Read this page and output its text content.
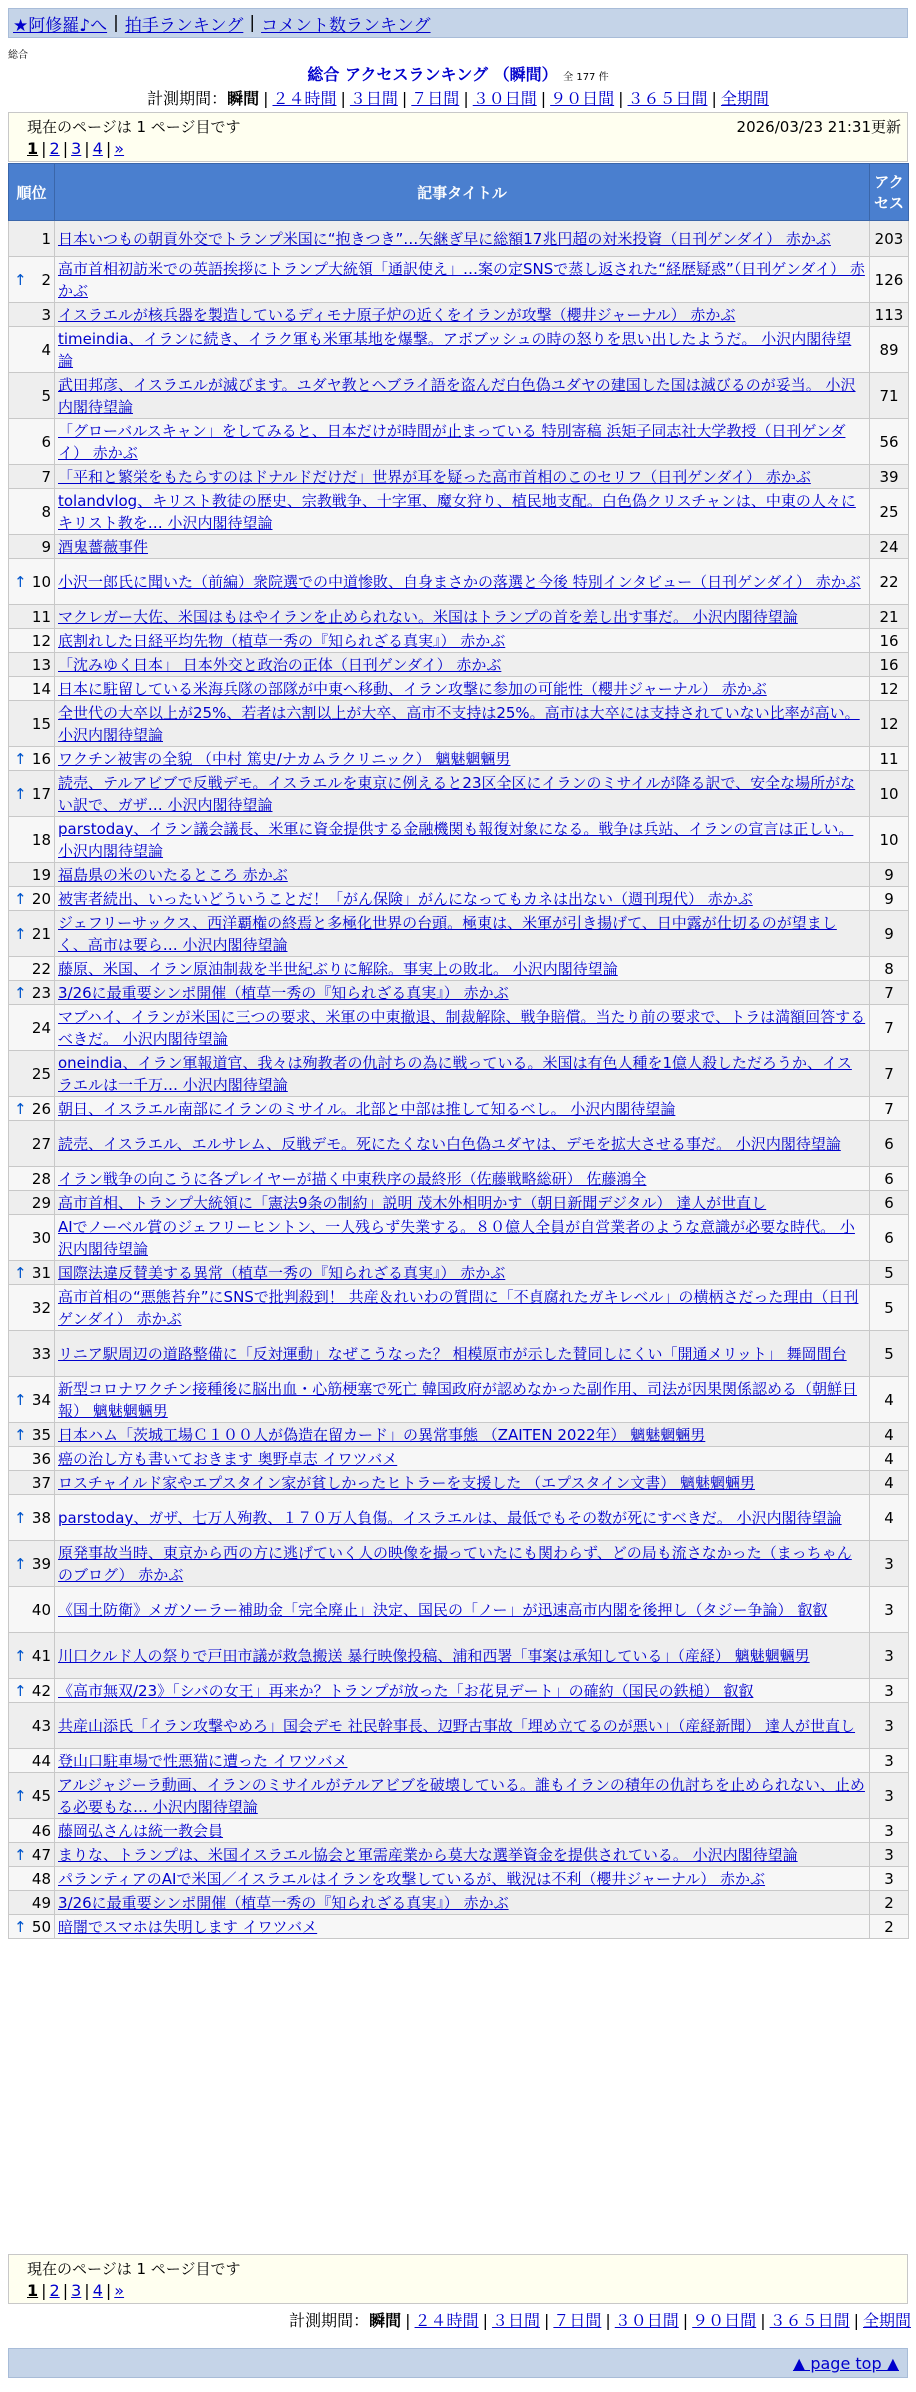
★阿修羅♪へ | 拍手ランキング | コメント数ランキング
総合
総合 アクセスランキング （瞬間） 全 177 件
計測期間：瞬間 | ２４時間 | ３日間 | ７日間 | ３０日間 | ９０日間 | ３６５日間 | 全期間
現在のページは 1 ページ目です	2026/03/23 21:31更新
1 | 2 | 3 | 4 | »
順位	記事タイトル	アクセス
1	日本いつもの朝貢外交でトランプ米国に“抱きつき”…矢継ぎ早に総額17兆円超の対米投資（日刊ゲンダイ） 赤かぶ	203

↑ 2	高市首相初訪米での英語挨拶にトランプ大統領「通訳使え」…案の定SNSで蒸し返された“経歴疑惑”（日刊ゲンダイ） 赤かぶ	126
3	イスラエルが核兵器を製造しているディモナ原子炉の近くをイランが攻撃（櫻井ジャーナル） 赤かぶ	113
4	timeindia、イランに続き、イラク軍も米軍基地を爆撃。アボブッシュの時の怒りを思い出したようだ。 小沢内閣待望論	89
5	武田邦彦、イスラエルが滅びます。ユダヤ教とヘブライ語を盗んだ白色偽ユダヤの建国した国は滅びるのが妥当。 小沢内閣待望論	71
6	「グローバルスキャン」をしてみると、日本だけが時間が止まっている 特別寄稿 浜矩子同志社大学教授（日刊ゲンダイ） 赤かぶ	56
7	「平和と繁栄をもたらすのはドナルドだけだ」世界が耳を疑った高市首相のこのセリフ（日刊ゲンダイ） 赤かぶ	39
8	tolandvlog、キリスト教徒の歴史、宗教戦争、十字軍、魔女狩り、植民地支配。白色偽クリスチャンは、中東の人々にキリスト教を… 小沢内閣待望論	25
9	酒鬼薔薇事件	24

↑ 10	小沢一郎氏に聞いた（前編）衆院選での中道惨敗、自身まさかの落選と今後 特別インタビュー（日刊ゲンダイ） 赤かぶ	22
11	マクレガー大佐、米国はもはやイランを止められない。米国はトランプの首を差し出す事だ。 小沢内閣待望論	21
12	底割れした日経平均先物（植草一秀の『知られざる真実』） 赤かぶ	16
13	「沈みゆく日本」 日本外交と政治の正体（日刊ゲンダイ） 赤かぶ	16
14	日本に駐留している米海兵隊の部隊が中東へ移動、イラン攻撃に参加の可能性（櫻井ジャーナル） 赤かぶ	12
15	全世代の大卒以上が25%、若者は六割以上が大卒、高市不支持は25%。高市は大卒には支持されていない比率が高い。 小沢内閣待望論	12

↑ 16	ワクチン被害の全貌 （中村 篤史/ナカムラクリニック） 魑魅魍魎男	11

↑ 17	読売、テルアビブで反戦デモ。イスラエルを東京に例えると23区全区にイランのミサイルが降る訳で、安全な場所がない訳で、ガザ… 小沢内閣待望論	10
18	parstoday、イラン議会議長、米軍に資金提供する金融機関も報復対象になる。戦争は兵站、イランの宣言は正しい。 小沢内閣待望論	10
19	福島県の米のいたるところ 赤かぶ	9

↑ 20	被害者続出、いったいどういうことだ！「がん保険」がんになってもカネは出ない（週刊現代） 赤かぶ	9

↑ 21	ジェフリーサックス、西洋覇権の終焉と多極化世界の台頭。極東は、米軍が引き揚げて、日中露が仕切るのが望ましく、高市は要ら… 小沢内閣待望論	9
22	藤原、米国、イラン原油制裁を半世紀ぶりに解除。事実上の敗北。 小沢内閣待望論	8

↑ 23	3/26に最重要シンポ開催（植草一秀の『知られざる真実』） 赤かぶ	7
24	マブハイ、イランが米国に三つの要求、米軍の中東撤退、制裁解除、戦争賠償。当たり前の要求で、トラは満額回答するべきだ。 小沢内閣待望論	7
25	oneindia、イラン軍報道官、我々は殉教者の仇討ちの為に戦っている。米国は有色人種を1億人殺しただろうか、イスラエルは一千万… 小沢内閣待望論	7

↑ 26	朝日、イスラエル南部にイランのミサイル。北部と中部は推して知るべし。 小沢内閣待望論	7
27	読売、イスラエル、エルサレム、反戦デモ。死にたくない白色偽ユダヤは、デモを拡大させる事だ。 小沢内閣待望論	6
28	イラン戦争の向こうに各プレイヤーが描く中東秩序の最終形（佐藤戦略総研） 佐藤鴻全	6
29	高市首相、トランプ大統領に「憲法9条の制約」説明 茂木外相明かす（朝日新聞デジタル） 達人が世直し	6
30	AIでノーベル賞のジェフリーヒントン、一人残らず失業する。８０億人全員が自営業者のような意識が必要な時代。 小沢内閣待望論	6

↑ 31	国際法違反賛美する異常（植草一秀の『知られざる真実』） 赤かぶ	5
32	高市首相の“悪態苔弁”にSNSで批判殺到！ 共産＆れいわの質問に「不貞腐れたガキレベル」の横柄さだった理由（日刊ゲンダイ） 赤かぶ	5
33	リニア駅周辺の道路整備に「反対運動」なぜこうなった？ 相模原市が示した賛同しにくい「開通メリット」 舞岡間台	5

↑ 34	新型コロナワクチン接種後に脳出血・心筋梗塞で死亡 韓国政府が認めなかった副作用、司法が因果関係認める（朝鮮日報） 魑魅魍魎男	4

↑ 35	日本ハム「茨城工場Ｃ１００人が偽造在留カード」の異常事態 （ZAITEN 2022年） 魑魅魍魎男	4
36	癌の治し方も書いておきます 奥野卓志 イワツバメ	4
37	ロスチャイルド家やエプスタイン家が貧しかったヒトラーを支援した （エプスタイン文書） 魑魅魍魎男	4

↑ 38	parstoday、ガザ、七万人殉教、１７０万人負傷。イスラエルは、最低でもその数が死にすべきだ。 小沢内閣待望論	4

↑ 39	原発事故当時、東京から西の方に逃げていく人の映像を撮っていたにも関わらず、どの局も流さなかった（まっちゃんのブログ） 赤かぶ	3
40	《国土防衛》メガソーラー補助金「完全廃止」決定、国民の「ノー」が迅速高市内閣を後押し（タジー争論） 叡叡	3

↑ 41	川口クルド人の祭りで戸田市議が救急搬送 暴行映像投稿、浦和西署「事案は承知している」（産経） 魑魅魍魎男	3

↑ 42	《高市無双/23》「シバの女王」再来か？トランプが放った「お花見デート」の確約（国民の鉄槌） 叡叡	3
43	共産山添氏「イラン攻撃やめろ」国会デモ 社民幹事長、辺野古事故「埋め立てるのが悪い」（産経新聞） 達人が世直し	3
44	登山口駐車場で性悪猫に遭った イワツバメ	3

↑ 45	アルジャジーラ動画、イランのミサイルがテルアビブを破壊している。誰もイランの積年の仇討ちを止められない、止める必要もな… 小沢内閣待望論	3
46	藤岡弘さんは統一教会員	3

↑ 47	まりな、トランプは、米国イスラエル協会と軍需産業から莫大な選挙資金を提供されている。 小沢内閣待望論	3
48	パランティアのAIで米国／イスラエルはイランを攻撃しているが、戦況は不利（櫻井ジャーナル） 赤かぶ	3
49	3/26に最重要シンポ開催（植草一秀の『知られざる真実』） 赤かぶ	2

↑ 50	暗闇でスマホは失明します イワツバメ	2
現在のページは 1 ページ目です
1 | 2 | 3 | 4 | »
計測期間：瞬間 | ２４時間 | ３日間 | ７日間 | ３０日間 | ９０日間 | ３６５日間 | 全期間
▲ page top ▲
